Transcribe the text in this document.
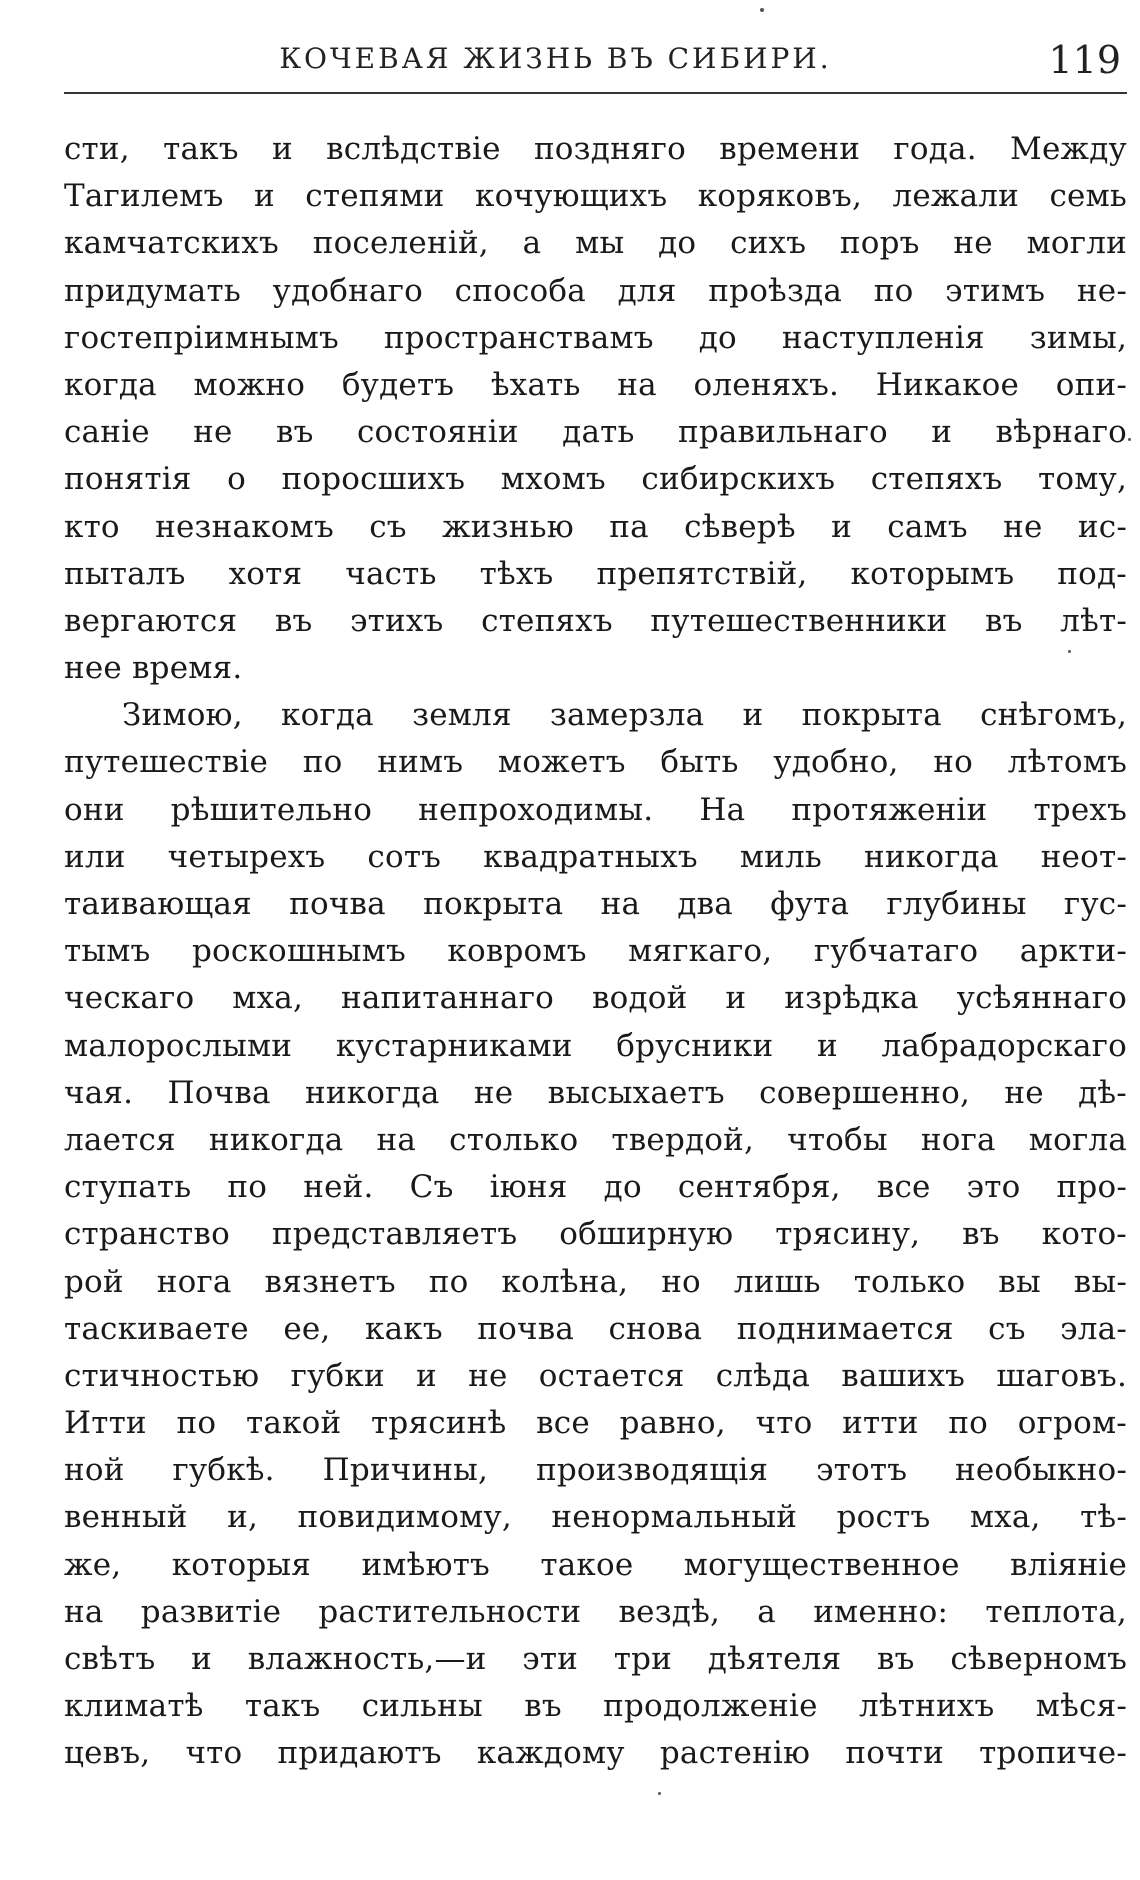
КОЧЕВАЯ ЖИЗНЬ ВЪ СИБИРИ.	119
сти, такъ и вслѣдствіе поздняго времени года. Между
Тагилемъ и степями кочующихъ коряковъ, лежали семь
камчатскихъ поселеній, а мы до сихъ поръ не могли
придумать удобнаго способа для проѣзда по этимъ не-
гостепріимнымъ пространствамъ до наступленія зимы,
когда можно будетъ ѣхать на оленяхъ. Никакое опи-
саніе не въ состояніи дать правильнаго и вѣрнаго
понятія о поросшихъ мхомъ сибирскихъ степяхъ тому,
кто незнакомъ съ жизнью па сѣверѣ и самъ не ис-
пыталъ хотя часть тѣхъ препятствій, которымъ под-
вергаются въ этихъ степяхъ путешественники въ лѣт-
нее время.
Зимою, когда земля замерзла и покрыта снѣгомъ,
путешествіе по нимъ можетъ быть удобно, но лѣтомъ
они рѣшительно непроходимы. На протяженіи трехъ
или четырехъ сотъ квадратныхъ миль никогда неот-
таивающая почва покрыта на два фута глубины гус-
тымъ роскошнымъ ковромъ мягкаго, губчатаго аркти-
ческаго мха, напитаннаго водой и изрѣдка усѣяннаго
малорослыми кустарниками брусники и лабрадорскаго
чая. Почва никогда не высыхаетъ совершенно, не дѣ-
лается никогда на столько твердой, чтобы нога могла
ступать по ней. Съ іюня до сентября, все это про-
странство представляетъ обширную трясину, въ кото-
рой нога вязнетъ по колѣна, но лишь только вы вы-
таскиваете ее, какъ почва снова поднимается съ эла-
стичностью губки и не остается слѣда вашихъ шаговъ.
Итти по такой трясинѣ все равно, что итти по огром-
ной губкѣ. Причины, производящія этотъ необыкно-
венный и, повидимому, ненормальный ростъ мха, тѣ-
же, которыя имѣютъ такое могущественное вліяніе
на развитіе растительности вездѣ, а именно: теплота,
свѣтъ и влажность,—и эти три дѣятеля въ сѣверномъ
климатѣ такъ сильны въ продолженіе лѣтнихъ мѣся-
цевъ, что придаютъ каждому растенію почти тропиче-
